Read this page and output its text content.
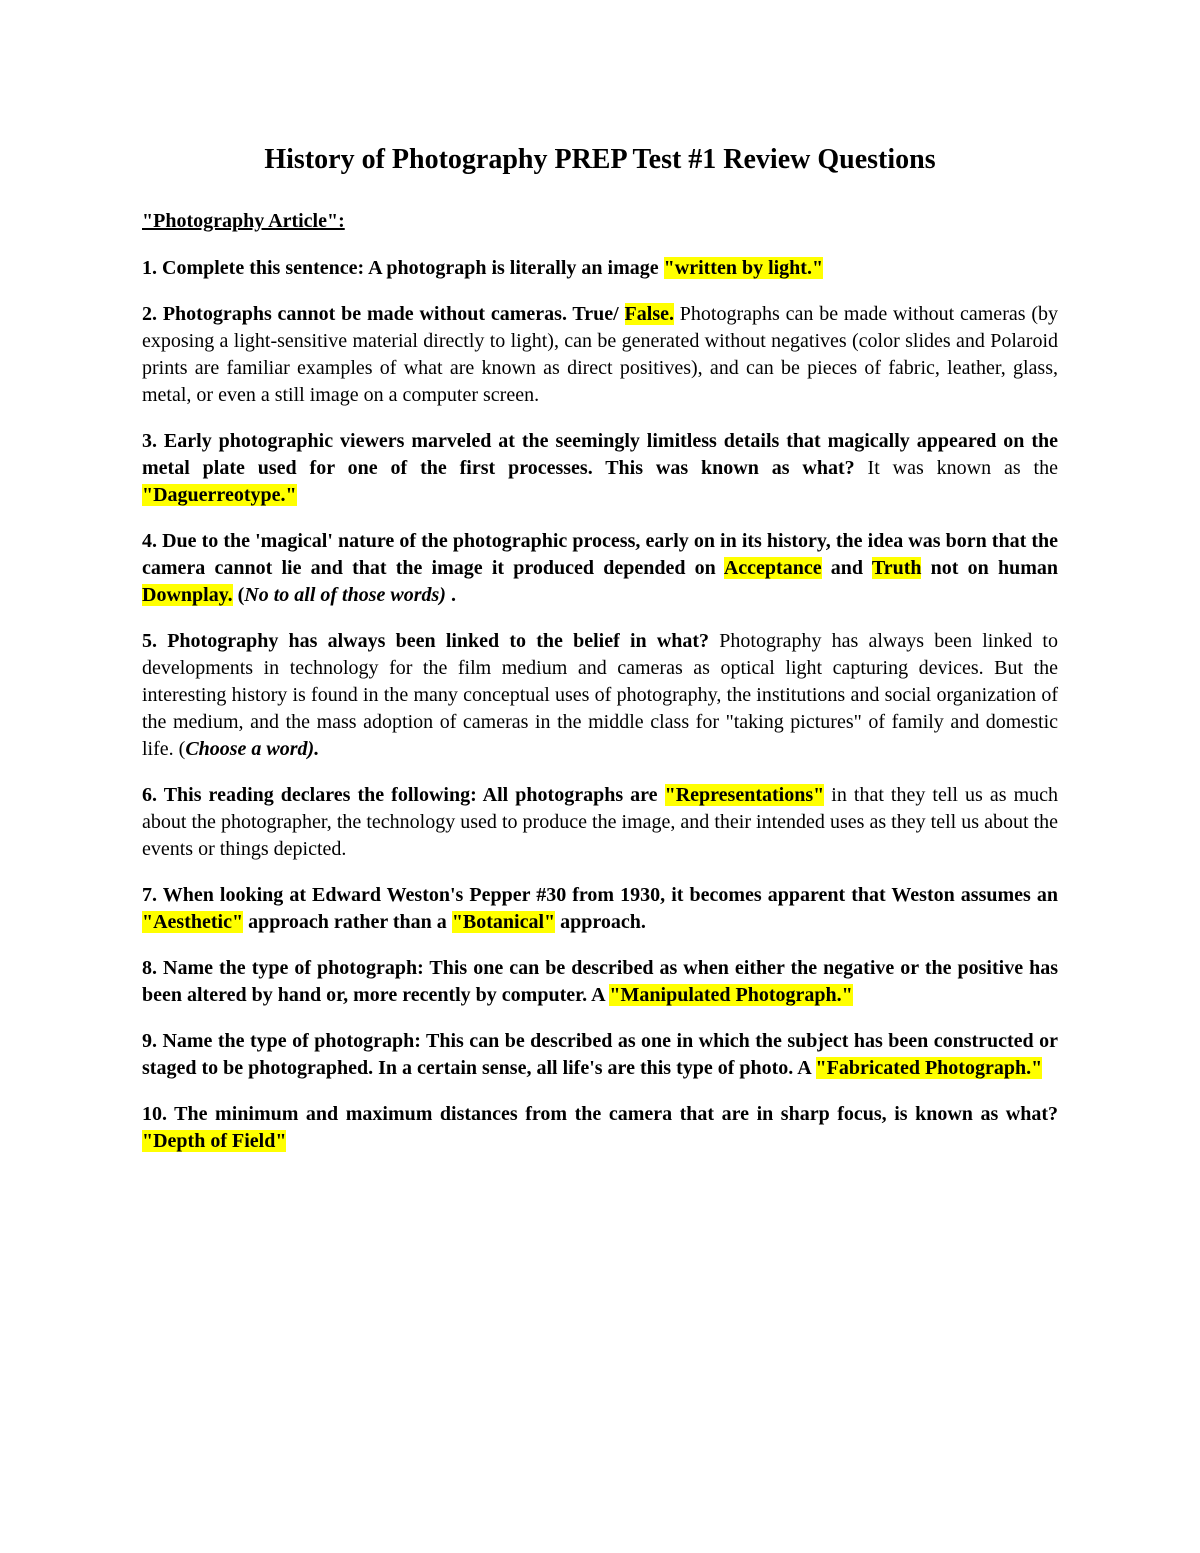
History of Photography PREP Test #1 Review Questions

"Photography Article":

1. Complete this sentence: A photograph is literally an image "written by light."

2. Photographs cannot be made without cameras. True/ False. Photographs can be made without cameras (by exposing a light-sensitive material directly to light), can be generated without negatives (color slides and Polaroid prints are familiar examples of what are known as direct positives), and can be pieces of fabric, leather, glass, metal, or even a still image on a computer screen.

3. Early photographic viewers marveled at the seemingly limitless details that magically appeared on the metal plate used for one of the first processes. This was known as what? It was known as the "Daguerreotype."

4. Due to the 'magical' nature of the photographic process, early on in its history, the idea was born that the camera cannot lie and that the image it produced depended on Acceptance and Truth not on human Downplay. (No to all of those words) .

5. Photography has always been linked to the belief in what? Photography has always been linked to developments in technology for the film medium and cameras as optical light capturing devices. But the interesting history is found in the many conceptual uses of photography, the institutions and social organization of the medium, and the mass adoption of cameras in the middle class for "taking pictures" of family and domestic life. (Choose a word).

6. This reading declares the following: All photographs are "Representations" in that they tell us as much about the photographer, the technology used to produce the image, and their intended uses as they tell us about the events or things depicted.

7. When looking at Edward Weston's Pepper #30 from 1930, it becomes apparent that Weston assumes an "Aesthetic" approach rather than a "Botanical" approach.

8. Name the type of photograph: This one can be described as when either the negative or the positive has been altered by hand or, more recently by computer. A "Manipulated Photograph."

9. Name the type of photograph: This can be described as one in which the subject has been constructed or staged to be photographed. In a certain sense, all life's are this type of photo. A "Fabricated Photograph."

10. The minimum and maximum distances from the camera that are in sharp focus, is known as what? "Depth of Field"
